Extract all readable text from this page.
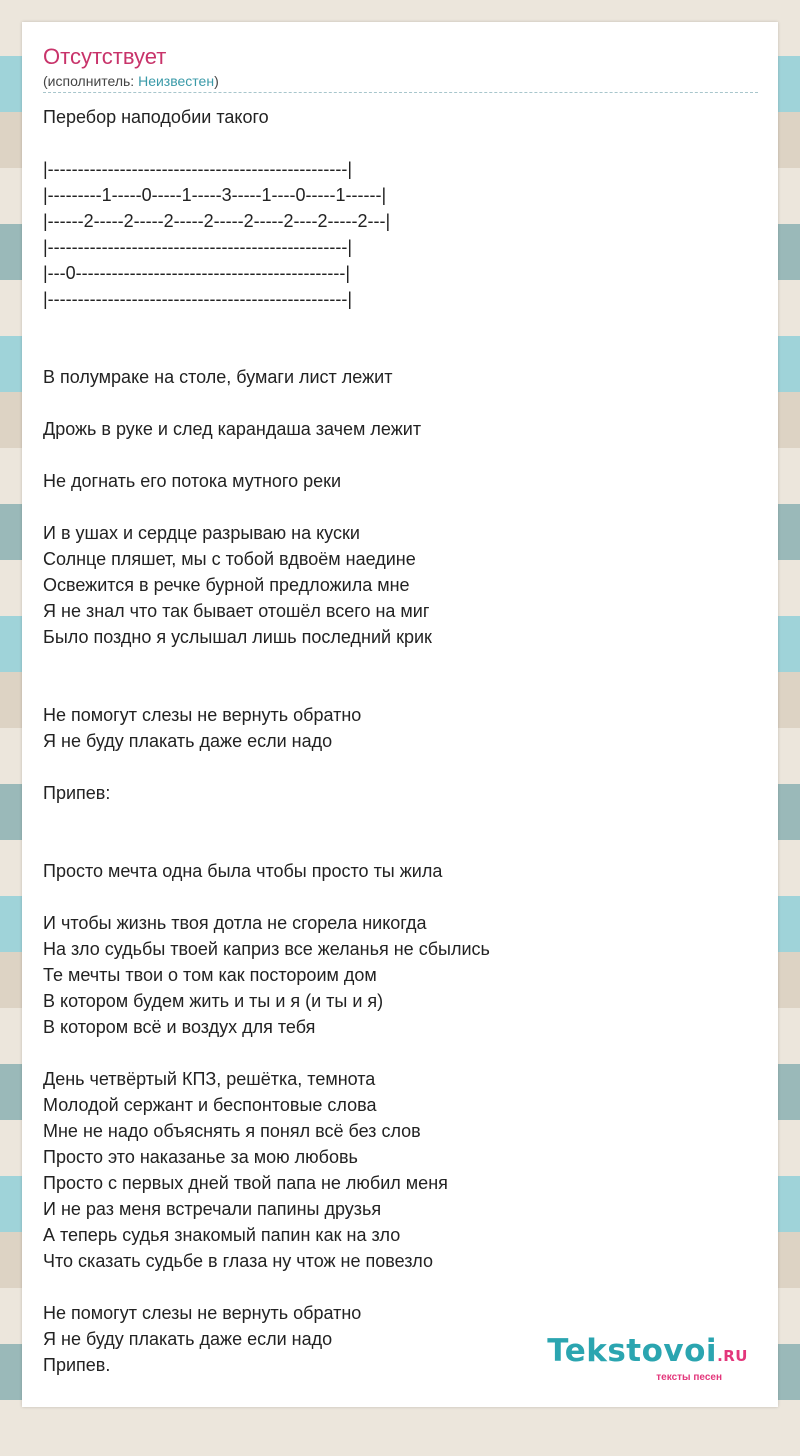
Отсутствует
(исполнитель: Неизвестен)
Перебор наподобии такого

|--------------------------------------------------|
|---------1-----0-----1-----3-----1----0-----1------|
|------2-----2-----2-----2-----2-----2----2-----2---|
|--------------------------------------------------|
|---0---------------------------------------------|
|--------------------------------------------------|

В полумраке на столе, бумаги лист лежит

Дрожь в руке и след карандаша зачем лежит

Не догнать его потока мутного реки

И в ушах и сердце разрываю на куски
Солнце пляшет, мы с тобой вдвоём наедине
Освежится в речке бурной предложила мне
Я не знал что так бывает отошёл всего на миг
Было поздно я услышал лишь последний крик

Не помогут слезы не вернуть обратно
Я не буду плакать даже если надо

Припев:

Просто мечта одна была чтобы просто ты жила

И чтобы жизнь твоя дотла не сгорела никогда
На зло судьбы твоей каприз все желанья не сбылись
Те мечты твои о том как постороим дом
В котором будем жить и ты и я (и ты и я)
В котором всё и воздух для тебя

День четвёртый КПЗ, решётка, темнота
Молодой сержант и беспонтовые слова
Мне не надо объяснять я понял всё без слов
Просто это наказанье за мою любовь
Просто с первых дней твой папа не любил меня
И не раз меня встречали папины друзья
А теперь судья знакомый папин как на зло
Что сказать судьбе в глаза ну чтож не повезло

Не помогут слезы не вернуть обратно
Я не буду плакать даже если надо
Припев.	Tekstovoi.RU
тексты песен
